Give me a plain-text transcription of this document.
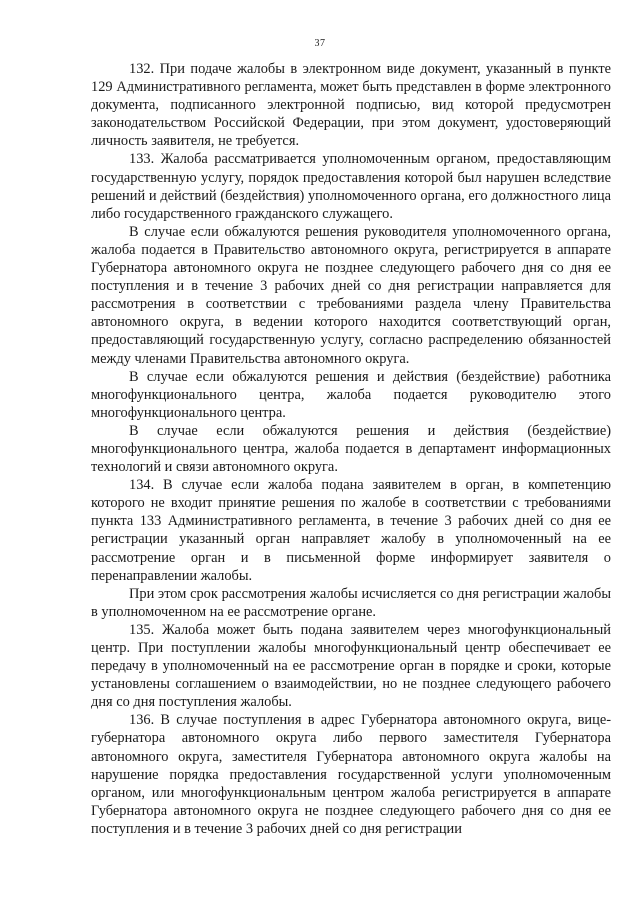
37

132. При подаче жалобы в электронном виде документ, указанный в пункте 129 Административного регламента, может быть представлен в форме электронного документа, подписанного электронной подписью, вид которой предусмотрен законодательством Российской Федерации, при этом документ, удостоверяющий личность заявителя, не требуется.

133. Жалоба рассматривается уполномоченным органом, предоставляющим государственную услугу, порядок предоставления которой был нарушен вследствие решений и действий (бездействия) уполномоченного органа, его должностного лица либо государственного гражданского служащего.

В случае если обжалуются решения руководителя уполномоченного органа, жалоба подается в Правительство автономного округа, регистрируется в аппарате Губернатора автономного округа не позднее следующего рабочего дня со дня ее поступления и в течение 3 рабочих дней со дня регистрации направляется для рассмотрения в соответствии с требованиями раздела члену Правительства автономного округа, в ведении которого находится соответствующий орган, предоставляющий государственную услугу, согласно распределению обязанностей между членами Правительства автономного округа.

В случае если обжалуются решения и действия (бездействие) работника многофункционального центра, жалоба подается руководителю этого многофункционального центра.

В случае если обжалуются решения и действия (бездействие) многофункционального центра, жалоба подается в департамент информационных технологий и связи автономного округа.

134. В случае если жалоба подана заявителем в орган, в компетенцию которого не входит принятие решения по жалобе в соответствии с требованиями пункта 133 Административного регламента, в течение 3 рабочих дней со дня ее регистрации указанный орган направляет жалобу в уполномоченный на ее рассмотрение орган и в письменной форме информирует заявителя о перенаправлении жалобы.

При этом срок рассмотрения жалобы исчисляется со дня регистрации жалобы в уполномоченном на ее рассмотрение органе.

135. Жалоба может быть подана заявителем через многофункциональный центр. При поступлении жалобы многофункциональный центр обеспечивает ее передачу в уполномоченный на ее рассмотрение орган в порядке и сроки, которые установлены соглашением о взаимодействии, но не позднее следующего рабочего дня со дня поступления жалобы.

136. В случае поступления в адрес Губернатора автономного округа, вице-губернатора автономного округа либо первого заместителя Губернатора автономного округа, заместителя Губернатора автономного округа жалобы на нарушение порядка предоставления государственной услуги уполномоченным органом, или многофункциональным центром жалоба регистрируется в аппарате Губернатора автономного округа не позднее следующего рабочего дня со дня ее поступления и в течение 3 рабочих дней со дня регистрации
